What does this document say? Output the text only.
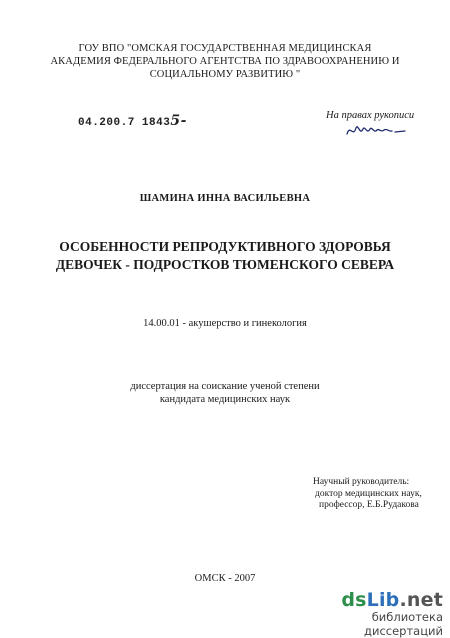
ГОУ ВПО "ОМСКАЯ ГОСУДАРСТВЕННАЯ МЕДИЦИНСКАЯ
АКАДЕМИЯ ФЕДЕРАЛЬНОГО АГЕНТСТВА ПО ЗДРАВООХРАНЕНИЮ И
СОЦИАЛЬНОМУ РАЗВИТИЮ "
04.200.7 18435-	На правах рукописи
ШАМИНА ИННА ВАСИЛЬЕВНА
ОСОБЕННОСТИ РЕПРОДУКТИВНОГО ЗДОРОВЬЯ
ДЕВОЧЕК - ПОДРОСТКОВ ТЮМЕНСКОГО СЕВЕРА
14.00.01 - акушерство и гинекология
диссертация на соискание ученой степени
кандидата медицинских наук
Научный руководитель:
доктор медицинских наук,
профессор, Е.Б.Рудакова
ОМСК - 2007
dsLib.net
библиотека диссертаций
